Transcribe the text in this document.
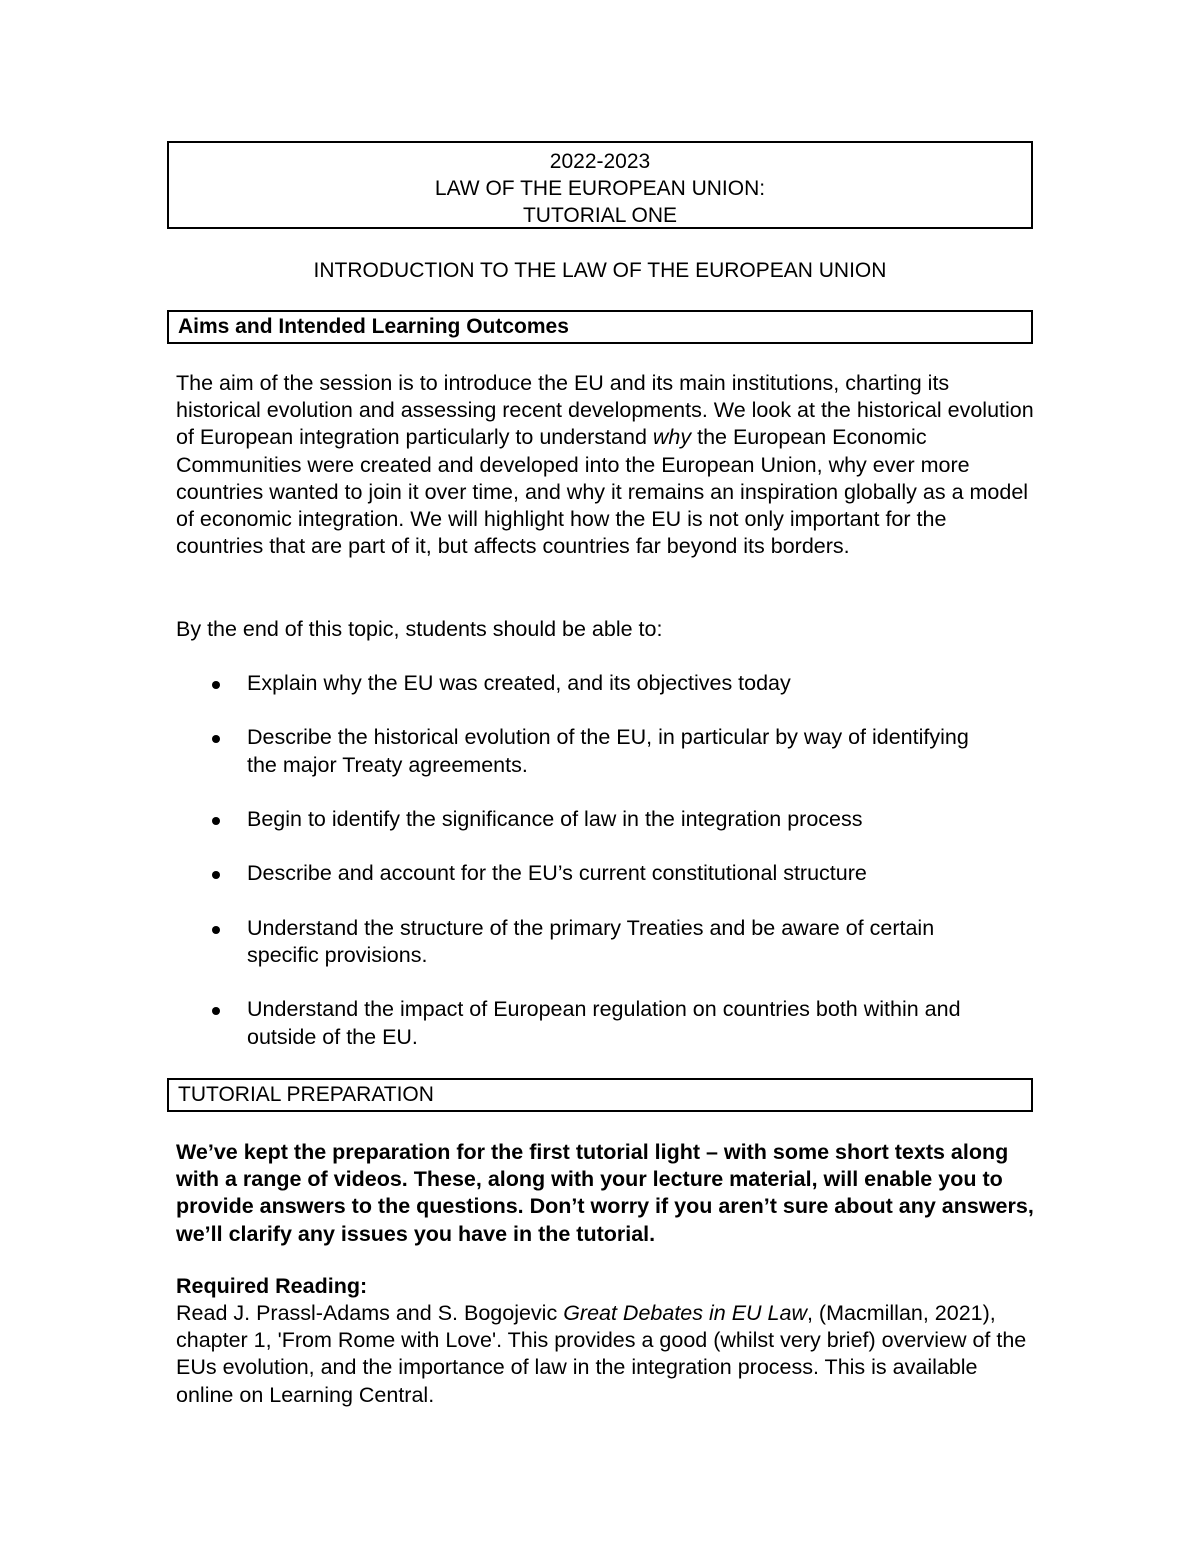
2022-2023
LAW OF THE EUROPEAN UNION:
TUTORIAL ONE
INTRODUCTION TO THE LAW OF THE EUROPEAN UNION
Aims and Intended Learning Outcomes
The aim of the session is to introduce the EU and its main institutions, charting its historical evolution and assessing recent developments. We look at the historical evolution of European integration particularly to understand why the European Economic Communities were created and developed into the European Union, why ever more countries wanted to join it over time, and why it remains an inspiration globally as a model of economic integration. We will highlight how the EU is not only important for the countries that are part of it, but affects countries far beyond its borders.
By the end of this topic, students should be able to:
Explain why the EU was created, and its objectives today
Describe the historical evolution of the EU, in particular by way of identifying the major Treaty agreements.
Begin to identify the significance of law in the integration process
Describe and account for the EU’s current constitutional structure
Understand the structure of the primary Treaties and be aware of certain specific provisions.
Understand the impact of European regulation on countries both within and outside of the EU.
TUTORIAL PREPARATION
We’ve kept the preparation for the first tutorial light – with some short texts along with a range of videos. These, along with your lecture material, will enable you to provide answers to the questions. Don’t worry if you aren’t sure about any answers, we’ll clarify any issues you have in the tutorial.
Required Reading:
Read J. Prassl-Adams and S. Bogojevic Great Debates in EU Law, (Macmillan, 2021), chapter 1, 'From Rome with Love'. This provides a good (whilst very brief) overview of the EUs evolution, and the importance of law in the integration process. This is available online on Learning Central.
